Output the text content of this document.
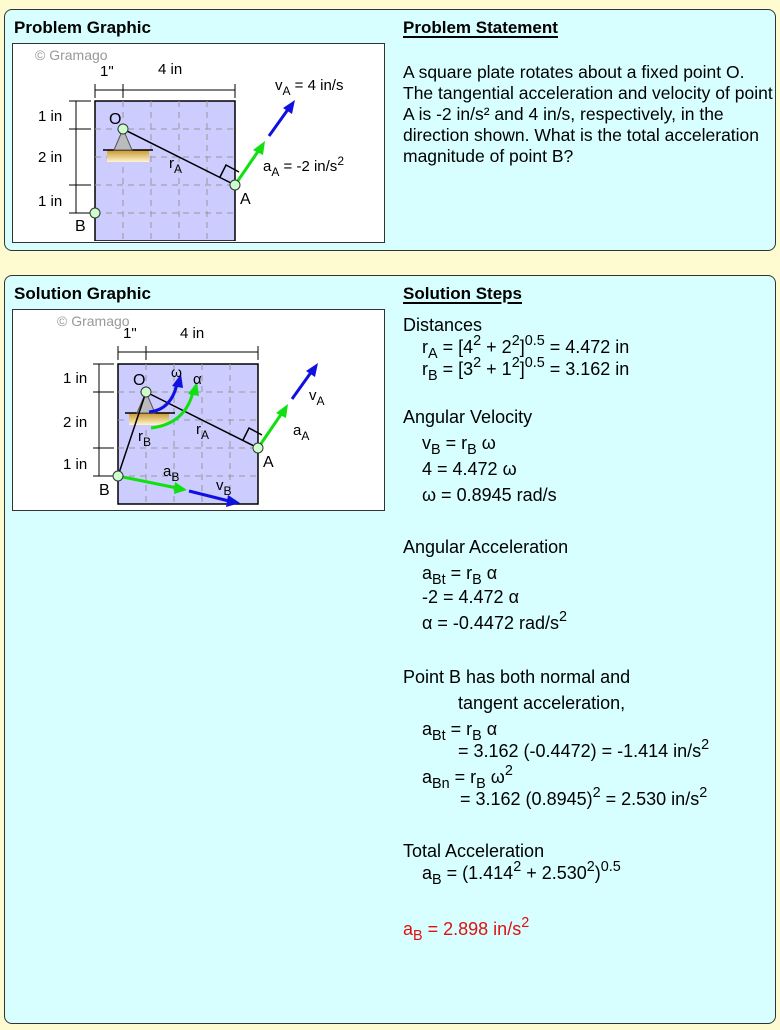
Problem Graphic	Problem Statement
© Gramago
1"	4 in
1 in
2 in
1 in
$r_A$
$v_A = 4$ in/s
$a_A = -2$ $in/s^2$
O
A
B
A square plate rotates about a fixed point O. The tangential acceleration and velocity of point A is -2 in/s² and 4 in/s, respectively, in the direction shown. What is the total acceleration magnitude of point B?
Solution Graphic	Solution Steps
© Gramago
1"	4 in
1 in
2 in
1 in
ω α
$r_A$
$r_B$
$v_A$
$a_A$
$a_B$ $v_B$
O
A
B
Distances
$r_A = [4^2 + 2^2]^{0.5} = 4.472$ in
$r_B = [3^2 + 1^2]^{0.5} = 3.162$ in
Angular Velocity
$v_B = r_B$ ω
4 = 4.472 ω
ω = 0.8945 rad/s
Angular Acceleration
$a_{Bt} = r_B$ α
-2 = 4.472 α
α = -0.4472 rad/$s^2$
Point B has both normal and
tangent acceleration,
$a_{Bt} = r_B$ α
= 3.162 (-0.4472) = -1.414 $in/s^2$
$a_{Bn} = r_B$ $\omega^2$
= 3.162 $(0.8945)^2 = 2.530$ $in/s^2$
Total Acceleration
$a_B = (1.414^2 + 2.530^2)^{0.5}$
$a_B = 2.898$ $in/s^2$
